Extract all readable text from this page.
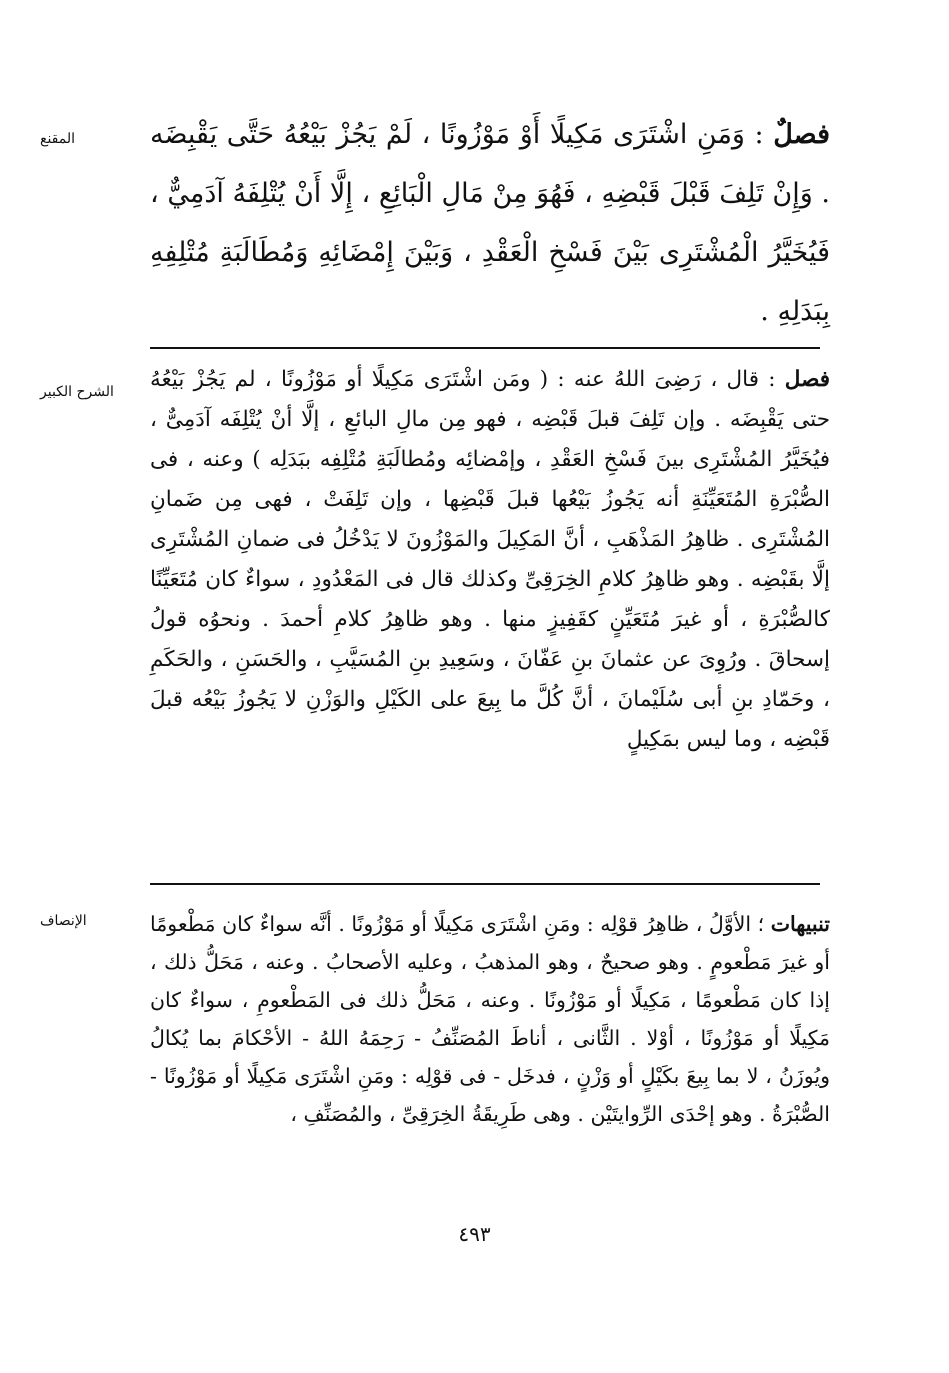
المقنع	فصلٌ : وَمَنِ اشْتَرَى مَكِيلًا أَوْ مَوْزُونًا ، لَمْ يَجُزْ بَيْعُهُ حَتَّى يَقْبِضَه . وَإِنْ تَلِفَ قَبْلَ قَبْضِهِ ، فَهُوَ مِنْ مَالِ الْبَائِعِ ، إِلَّا أَنْ يُتْلِفَهُ آدَمِيٌّ ، فَيُخَيَّرُ الْمُشْتَرِى بَيْنَ فَسْخِ الْعَقْدِ ، وَبَيْنَ إِمْضَائِهِ وَمُطَالَبَةِ مُتْلِفِهِ بِبَدَلِهِ .

الشرح الكبير	فصل : قال ، رَضِىَ اللهُ عنه : ( ومَن اشْتَرَى مَكِيلًا أو مَوْزُونًا ، لم يَجُزْ بَيْعُهُ حتى يَقْبِضَه . وإن تَلِفَ قبلَ قَبْضِه ، فهو مِن مالِ البائعِ ، إلَّا أنْ يُتْلِفَه آدَمِىٌّ ، فيُخَيَّرُ المُشْتَرِى بينَ فَسْخِ العَقْدِ ، وإمْضائِه ومُطالَبَةِ مُتْلِفِه ببَدَلِه ) وعنه ، فى الصُّبْرَةِ المُتَعَيِّنَةِ أنه يَجُوزُ بَيْعُها قبلَ قَبْضِها ، وإن تَلِفَتْ ، فهى مِن ضَمانِ المُشْتَرِى . ظاهِرُ المَذْهَبِ ، أنَّ المَكِيلَ والمَوْزُونَ لا يَدْخُلُ فى ضمانِ المُشْتَرِى إلَّا بقَبْضِه . وهو ظاهِرُ كلامِ الخِرَقِىِّ وكذلك قال فى المَعْدُودِ ، سواءٌ كان مُتَعَيِّنًا كالصُّبْرَةِ ، أو غيرَ مُتَعَيِّنٍ كقَفِيزٍ منها . وهو ظاهِرُ كلامِ أحمدَ . ونحوُه قولُ إسحاقَ . ورُوِىَ عن عثمانَ بنِ عَفّانَ ، وسَعِيدِ بنِ المُسَيَّبِ ، والحَسَنِ ، والحَكَمِ ، وحَمّادِ بنِ أبى سُلَيْمانَ ، أنَّ كُلَّ ما بِيعَ على الكَيْلِ والوَزْنِ لا يَجُوزُ بَيْعُه قبلَ قَبْضِه ، وما ليس بمَكِيلٍ

الإنصاف	تنبيهات ؛ الأوَّلُ ، ظاهِرُ قوْلِه : ومَنِ اشْتَرَى مَكِيلًا أو مَوْزُونًا . أنَّه سواءٌ كان مَطْعومًا أو غيرَ مَطْعومٍ . وهو صحيحٌ ، وهو المذهبُ ، وعليه الأصحابُ . وعنه ، مَحَلُّ ذلك ، إذا كان مَطْعومًا ، مَكِيلًا أو مَوْزُونًا . وعنه ، مَحَلُّ ذلك فى المَطْعومِ ، سواءٌ كان مَكِيلًا أو مَوْزُونًا ، أوْلا . الثَّانى ، أناطَ المُصَنِّفُ - رَحِمَهُ اللهُ - الأحْكامَ بما يُكالُ ويُوزَنُ ، لا بما بِيعَ بكَيْلٍ أو وَزْنٍ ، فدخَل - فى قوْلِه : ومَنِ اشْتَرَى مَكِيلًا أو مَوْزُونًا - الصُّبْرَةُ . وهو إحْدَى الرِّوايتَيْن . وهى طَرِيقَةُ الخِرَقِىِّ ، والمُصَنِّفِ ،

٤٩٣
